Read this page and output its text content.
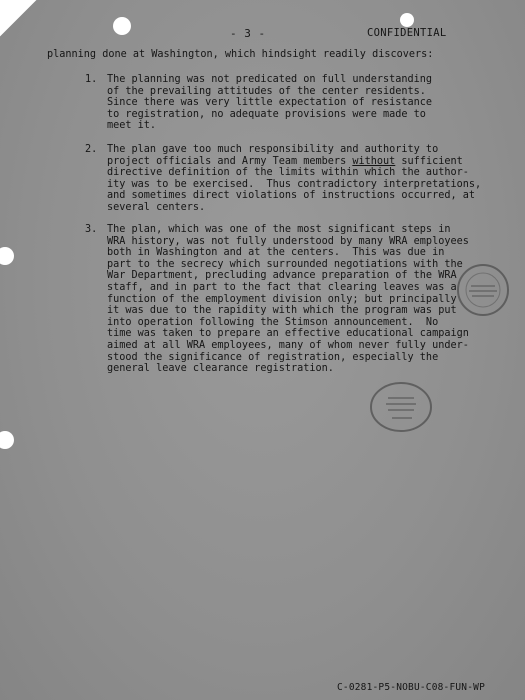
- 3 -	CONFIDENTIAL
planning done at Washington, which hindsight readily discovers:
1. The planning was not predicated on full understanding
of the prevailing attitudes of the center residents.
Since there was very little expectation of resistance
to registration, no adequate provisions were made to
meet it.
2. The plan gave too much responsibility and authority to
project officials and Army Team members without sufficient
directive definition of the limits within which the author-
ity was to be exercised.  Thus contradictory interpretations,
and sometimes direct violations of instructions occurred, at
several centers.
3. The plan, which was one of the most significant steps in
WRA history, was not fully understood by many WRA employees
both in Washington and at the centers.  This was due in
part to the secrecy which surrounded negotiations with the
War Department, precluding advance preparation of the WRA
staff, and in part to the fact that clearing leaves was a
function of the employment division only; but principally
it was due to the rapidity with which the program was put
into operation following the Stimson announcement.  No
time was taken to prepare an effective educational campaign
aimed at all WRA employees, many of whom never fully under-
stood the significance of registration, especially the
general leave clearance registration.
C-0281-P5-NOBU-C08-FUN-WP
